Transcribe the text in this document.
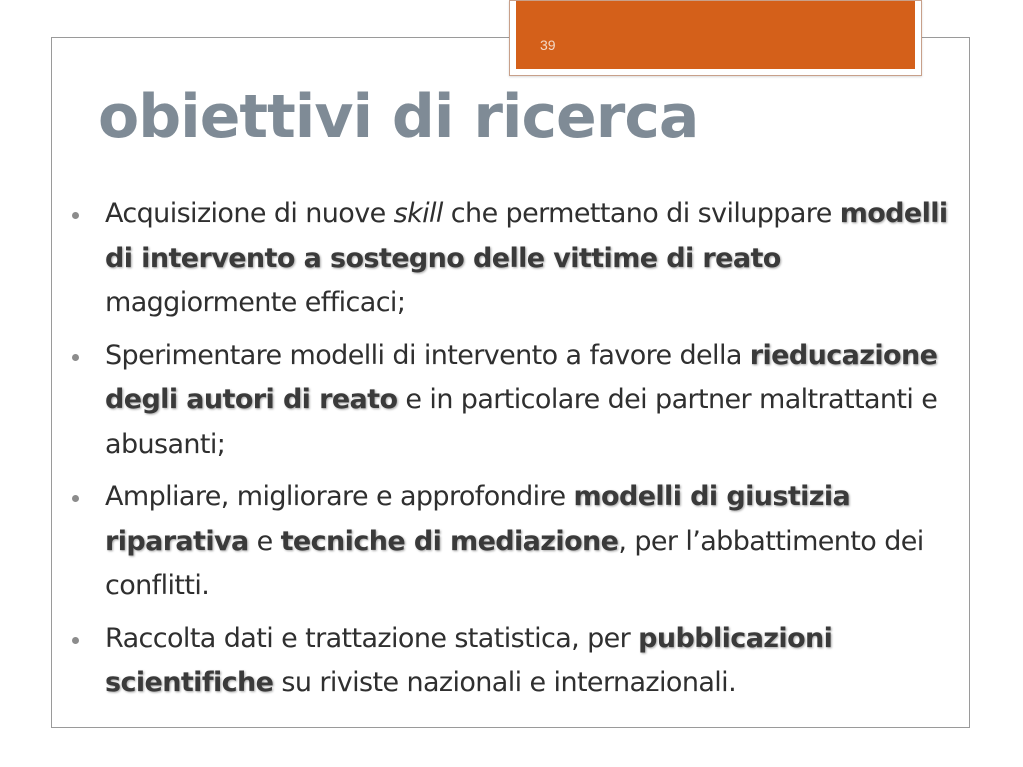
39
obiettivi di ricerca
Acquisizione di nuove skill che permettano di sviluppare modelli di intervento a sostegno delle vittime di reato maggiormente efficaci;
Sperimentare modelli di intervento a favore della rieducazione degli autori di reato e in particolare dei partner maltrattanti e abusanti;
Ampliare, migliorare e approfondire modelli di giustizia riparativa e tecniche di mediazione, per l’abbattimento dei conflitti.
Raccolta dati e trattazione statistica, per pubblicazioni scientifiche su riviste nazionali e internazionali.
